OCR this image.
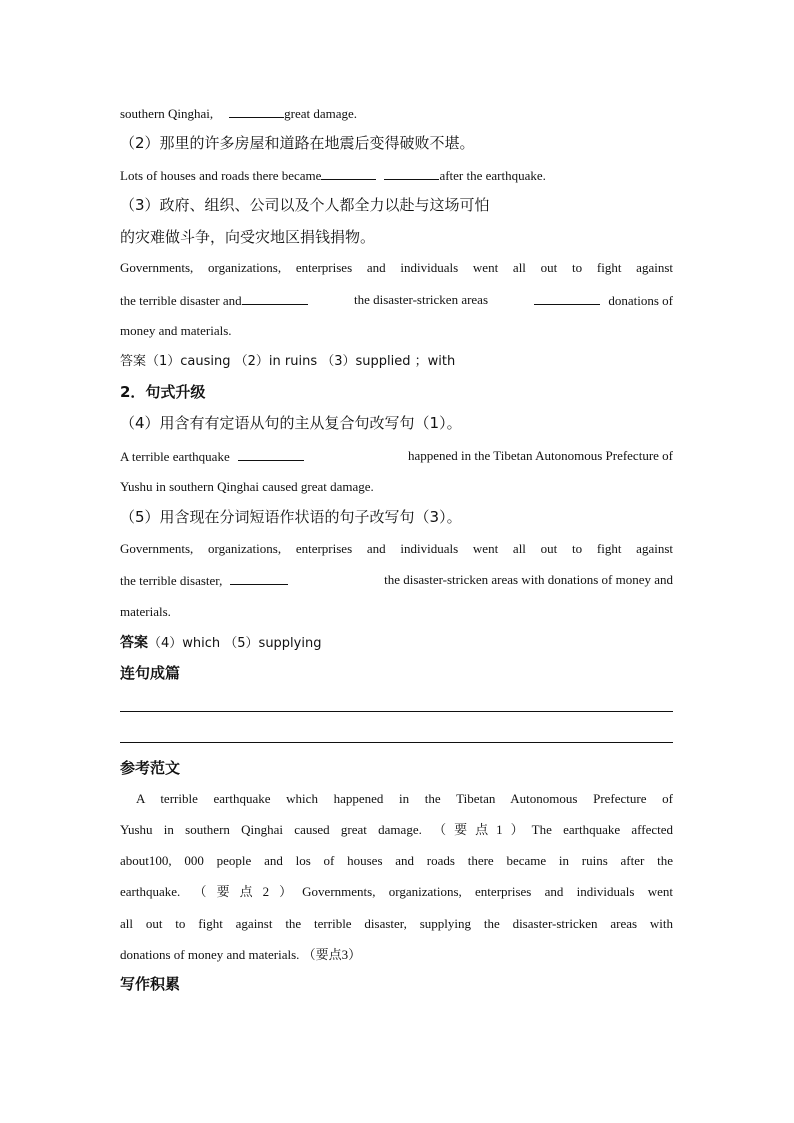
southern Qinghai,	great damage.
（2）那里的许多房屋和道路在地震后变得破败不堪。
Lots of houses and roads there became	after the earthquake.
（3）政府、组织、公司以及个人都全力以赴与这场可怕
的灾难做斗争，向受灾地区捐钱捐物。
Governments, organizations, enterprises and individuals went all out to fight against
the terrible disaster and	the disaster-stricken areas	donations of
money and materials.
答案（1）causing （2）in ruins （3）supplied ；with
2．句式升级
（4）用含有有定语从句的主从复合句改写句（1）。
A terrible earthquake	happened in the Tibetan Autonomous Prefecture of
Yushu in southern Qinghai caused great damage.
（5）用含现在分词短语作状语的句子改写句（3）。
Governments, organizations, enterprises and individuals went all out to fight against
the terrible disaster,	the disaster-stricken areas with donations of money and
materials.
答案（4）which （5）supplying
连句成篇
参考范文
A terrible earthquake which happened in the Tibetan Autonomous Prefecture of
Yushu in southern Qinghai caused great damage. （要点1）The earthquake affected
about100, 000 people and los of houses and roads there became in ruins after the
earthquake. （要点2）Governments, organizations, enterprises and individuals went
all out to fight against the terrible disaster, supplying the disaster-stricken areas with
donations of money and materials. （要点3）
写作积累
